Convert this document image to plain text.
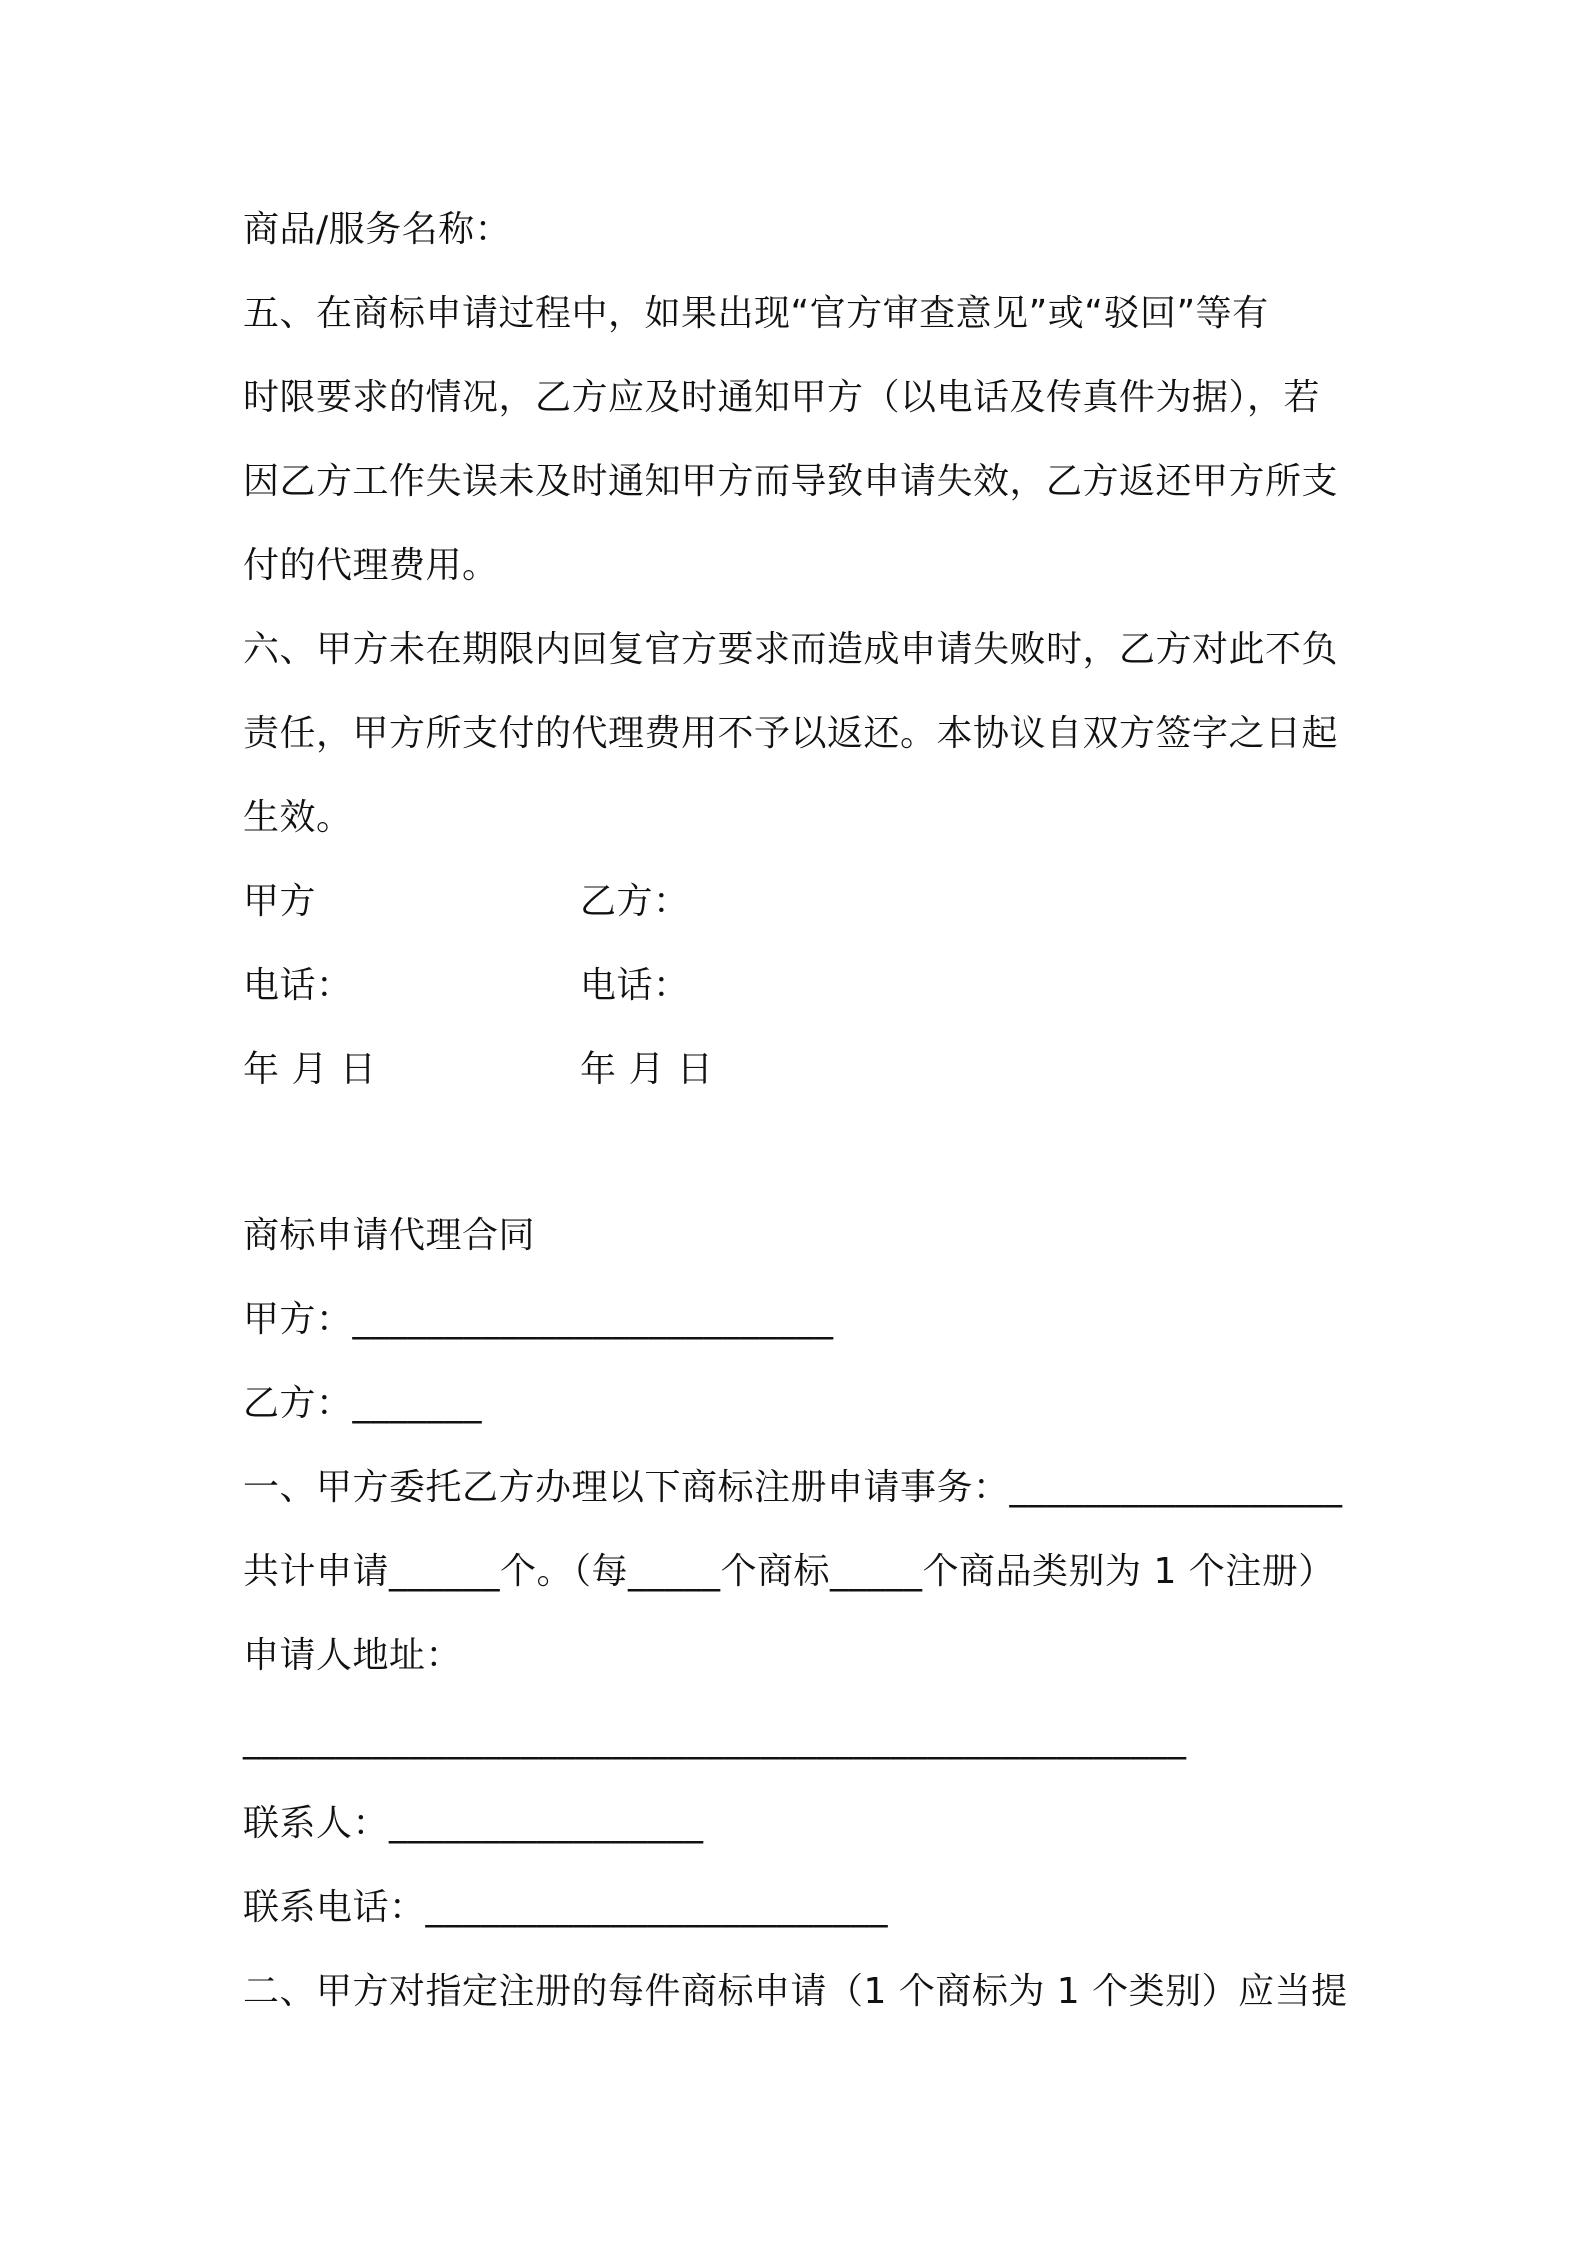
商品/服务名称：
五、在商标申请过程中，如果出现“官方审查意见”或“驳回”等有
时限要求的情况，乙方应及时通知甲方（以电话及传真件为据），若
因乙方工作失误未及时通知甲方而导致申请失效，乙方返还甲方所支
付的代理费用。
六、甲方未在期限内回复官方要求而造成申请失败时，乙方对此不负
责任，甲方所支付的代理费用不予以返还。本协议自双方签字之日起
生效。
甲方	乙方：
电话：	电话：
年 月 日	年 月 日
商标申请代理合同
甲方：__________________________
乙方：_______
一、甲方委托乙方办理以下商标注册申请事务：__________________
共计申请______个。（每_____个商标_____个商品类别为 1 个注册）
申请人地址：
___________________________________________________
联系人：_________________
联系电话：_________________________
二、甲方对指定注册的每件商标申请（1 个商标为 1 个类别）应当提
